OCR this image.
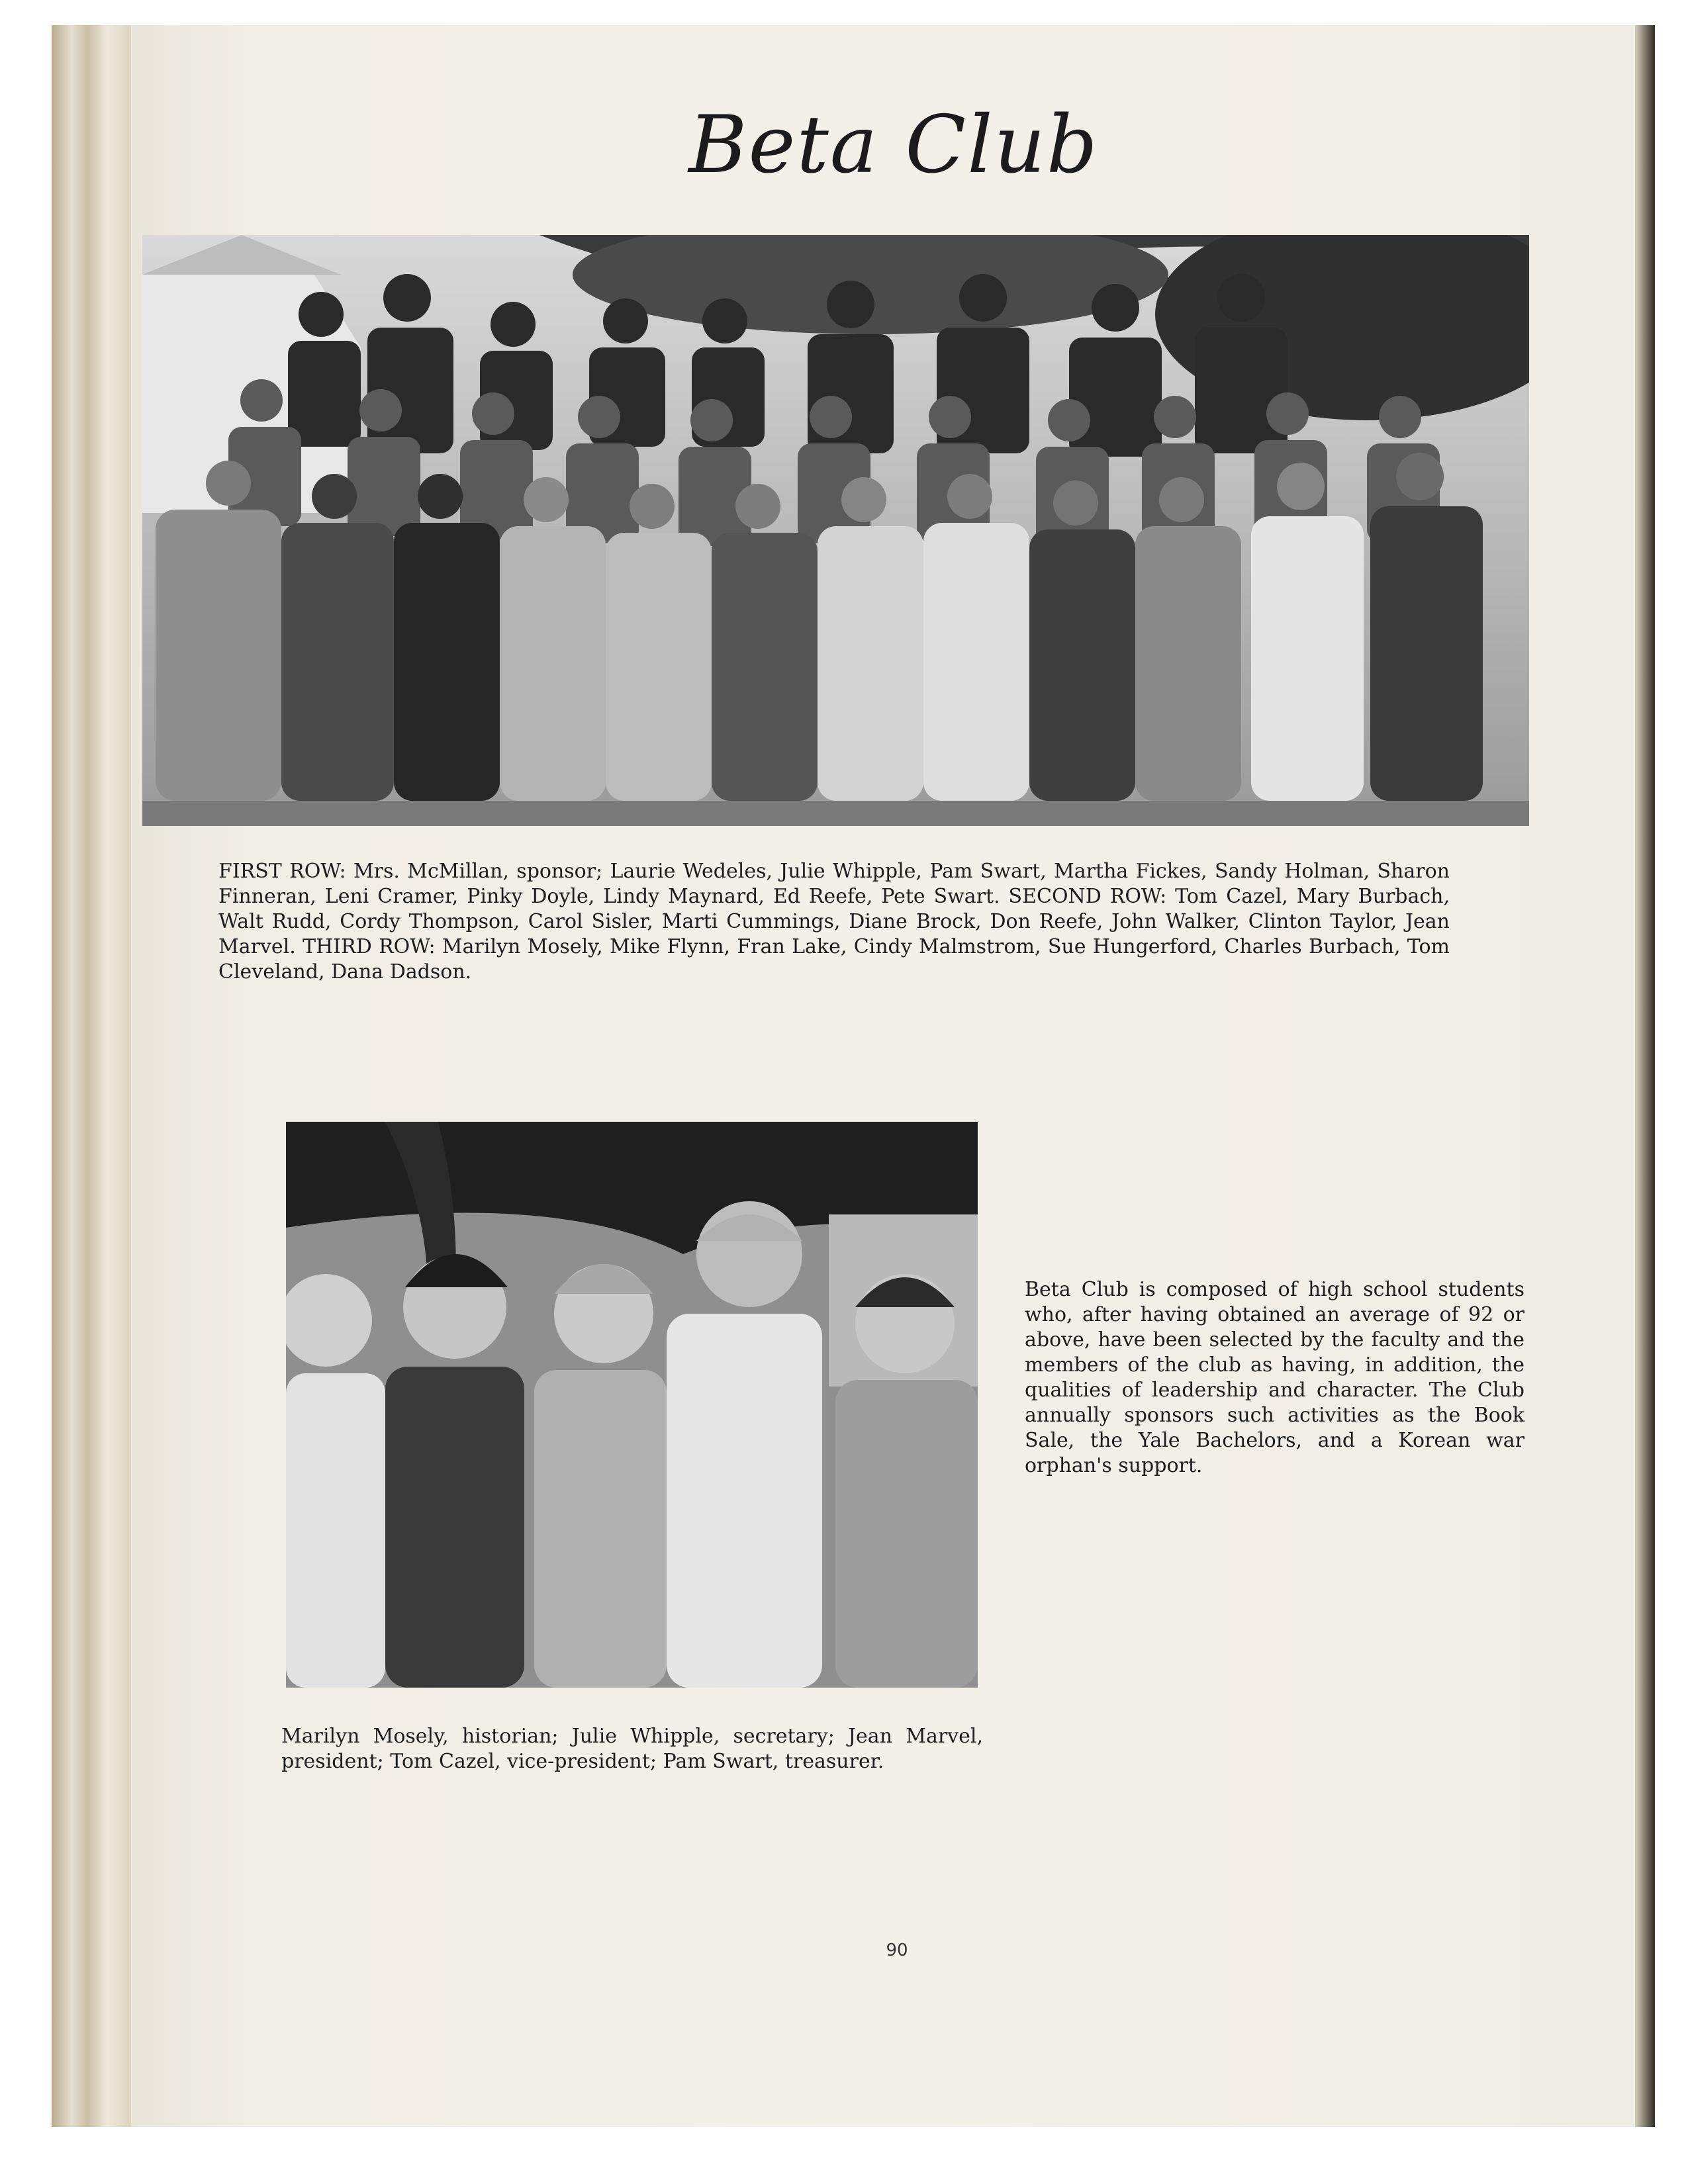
Beta Club
FIRST ROW: Mrs. McMillan, sponsor; Laurie Wedeles, Julie Whipple, Pam Swart, Martha Fickes, Sandy Holman, Sharon Finneran, Leni Cramer, Pinky Doyle, Lindy Maynard, Ed Reefe, Pete Swart. SECOND ROW: Tom Cazel, Mary Burbach, Walt Rudd, Cordy Thompson, Carol Sisler, Marti Cummings, Diane Brock, Don Reefe, John Walker, Clinton Taylor, Jean Marvel. THIRD ROW: Marilyn Mosely, Mike Flynn, Fran Lake, Cindy Malmstrom, Sue Hungerford, Charles Burbach, Tom Cleveland, Dana Dadson.
Beta Club is composed of high school students who, after having obtained an average of 92 or above, have been selected by the faculty and the members of the club as having, in addition, the qualities of leadership and character. The Club annually sponsors such activities as the Book Sale, the Yale Bachelors, and a Korean war orphan's support.
Marilyn Mosely, historian; Julie Whipple, secretary; Jean Marvel, president; Tom Cazel, vice-president; Pam Swart, treasurer.
90
